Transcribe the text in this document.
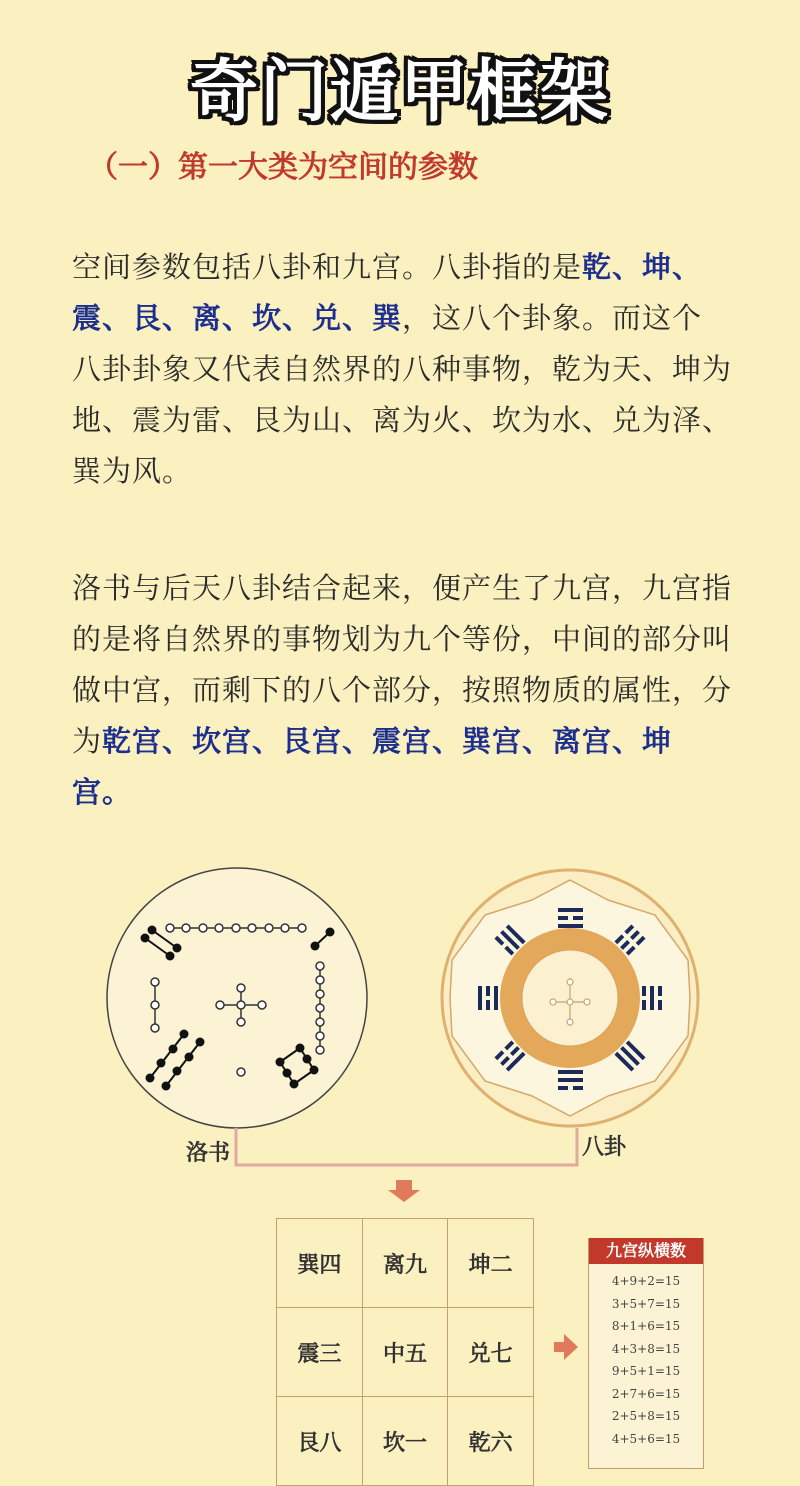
奇门遁甲框架
（一）第一大类为空间的参数
空间参数包括八卦和九宫。八卦指的是乾、坤、震、艮、离、坎、兑、巽，这八个卦象。而这个八卦卦象又代表自然界的八种事物，乾为天、坤为地、震为雷、艮为山、离为火、坎为水、兑为泽、巽为风。
洛书与后天八卦结合起来，便产生了九宫，九宫指的是将自然界的事物划为九个等份，中间的部分叫做中宫，而剩下的八个部分，按照物质的属性，分为乾宫、坎宫、艮宫、震宫、巽宫、离宫、坤宫。
洛书	八卦
巽四	离九	坤二
震三	中五	兑七
艮八	坎一	乾六
九宫纵横数
4+9+2=15
3+5+7=15
8+1+6=15
4+3+8=15
9+5+1=15
2+7+6=15
2+5+8=15
4+5+6=15
